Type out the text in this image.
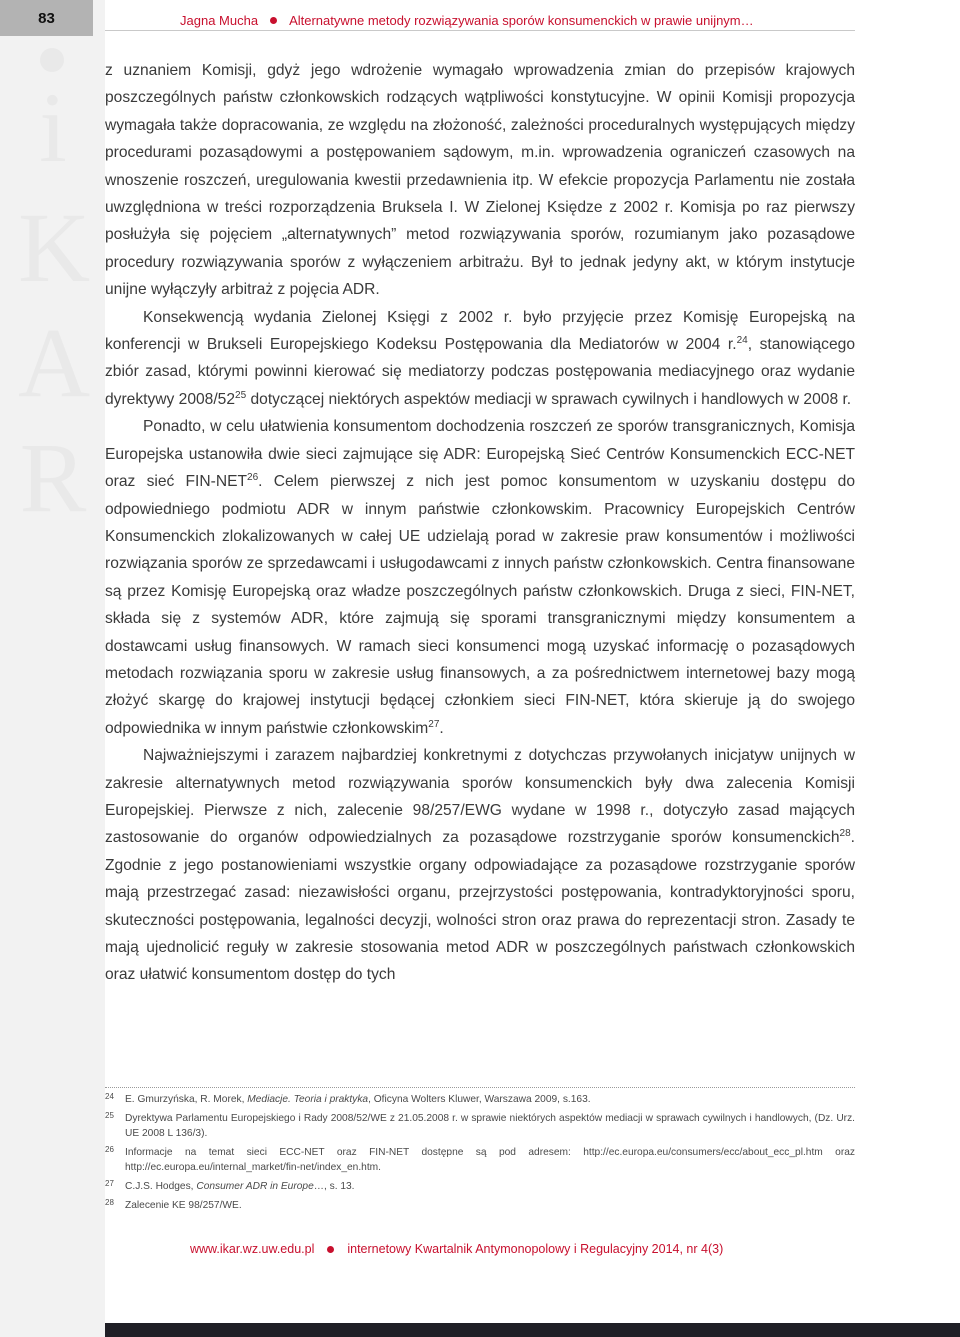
83
i
K
A
R
Jagna Mucha Alternatywne metody rozwiązywania sporów konsumenckich w prawie unijnym…

z uznaniem Komisji, gdyż jego wdrożenie wymagało wprowadzenia zmian do przepisów krajowych poszczególnych państw członkowskich rodzących wątpliwości konstytucyjne. W opinii Komisji propozycja wymagała także dopracowania, ze względu na złożoność, zależności proceduralnych występujących między procedurami pozasądowymi a postępowaniem sądowym, m.in. wprowadzenia ograniczeń czasowych na wnoszenie roszczeń, uregulowania kwestii przedawnienia itp. W efekcie propozycja Parlamentu nie została uwzględniona w treści rozporządzenia Bruksela I. W Zielonej Księdze z 2002 r. Komisja po raz pierwszy posłużyła się pojęciem „alternatywnych” metod rozwiązywania sporów, rozumianym jako pozasądowe procedury rozwiązywania sporów z wyłączeniem arbitrażu. Był to jednak jedyny akt, w którym instytucje unijne wyłączyły arbitraż z pojęcia ADR.

Konsekwencją wydania Zielonej Księgi z 2002 r. było przyjęcie przez Komisję Europejską na konferencji w Brukseli Europejskiego Kodeksu Postępowania dla Mediatorów w 2004 r.$^{24}$, stanowiącego zbiór zasad, którymi powinni kierować się mediatorzy podczas postępowania mediacyjnego oraz wydanie dyrektywy $2008/52^{25}$ dotyczącej niektórych aspektów mediacji w sprawach cywilnych i handlowych w 2008 r.

Ponadto, w celu ułatwienia konsumentom dochodzenia roszczeń ze sporów transgranicznych, Komisja Europejska ustanowiła dwie sieci zajmujące się ADR: Europejską Sieć Centrów Konsumenckich ECC-NET oraz sieć FIN-NET$^{26}$. Celem pierwszej z nich jest pomoc konsumentom w uzyskaniu dostępu do odpowiedniego podmiotu ADR w innym państwie członkowskim. Pracownicy Europejskich Centrów Konsumenckich zlokalizowanych w całej UE udzielają porad w zakresie praw konsumentów i możliwości rozwiązania sporów ze sprzedawcami i usługodawcami z innych państw członkowskich. Centra finansowane są przez Komisję Europejską oraz władze poszczególnych państw członkowskich. Druga z sieci, FIN-NET, składa się z systemów ADR, które zajmują się sporami transgranicznymi między konsumentem a dostawcami usług finansowych. W ramach sieci konsumenci mogą uzyskać informację o pozasądowych metodach rozwiązania sporu w zakresie usług finansowych, a za pośrednictwem internetowej bazy mogą złożyć skargę do krajowej instytucji będącej członkiem sieci FIN-NET, która skieruje ją do swojego odpowiednika w innym państwie członkowskim$^{27}$.

Najważniejszymi i zarazem najbardziej konkretnymi z dotychczas przywołanych inicjatyw unijnych w zakresie alternatywnych metod rozwiązywania sporów konsumenckich były dwa zalecenia Komisji Europejskiej. Pierwsze z nich, zalecenie 98/257/EWG wydane w 1998 r., dotyczyło zasad mających zastosowanie do organów odpowiedzialnych za pozasądowe rozstrzyganie sporów konsumenckich$^{28}$. Zgodnie z jego postanowieniami wszystkie organy odpowiadające za pozasądowe rozstrzyganie sporów mają przestrzegać zasad: niezawisłości organu, przejrzystości postępowania, kontradyktoryjności sporu, skuteczności postępowania, legalności decyzji, wolności stron oraz prawa do reprezentacji stron. Zasady te mają ujednolicić reguły w zakresie stosowania metod ADR w poszczególnych państwach członkowskich oraz ułatwić konsumentom dostęp do tych

24 E. Gmurzyńska, R. Morek, Mediacje. Teoria i praktyka, Oficyna Wolters Kluwer, Warszawa 2009, s.163.
25 Dyrektywa Parlamentu Europejskiego i Rady 2008/52/WE z 21.05.2008 r. w sprawie niektórych aspektów mediacji w sprawach cywilnych i handlowych, (Dz. Urz. UE 2008 L 136/3).
26 Informacje na temat sieci ECC-NET oraz FIN-NET dostępne są pod adresem: http://ec.europa.eu/consumers/ecc/about_ecc_pl.htm oraz http://ec.europa.eu/internal_market/fin-net/index_en.htm.
27 C.J.S. Hodges, Consumer ADR in Europe…, s. 13.
28 Zalecenie KE 98/257/WE.
www.ikar.wz.uw.edu.pl	internetowy Kwartalnik Antymonopolowy i Regulacyjny 2014, nr 4(3)
